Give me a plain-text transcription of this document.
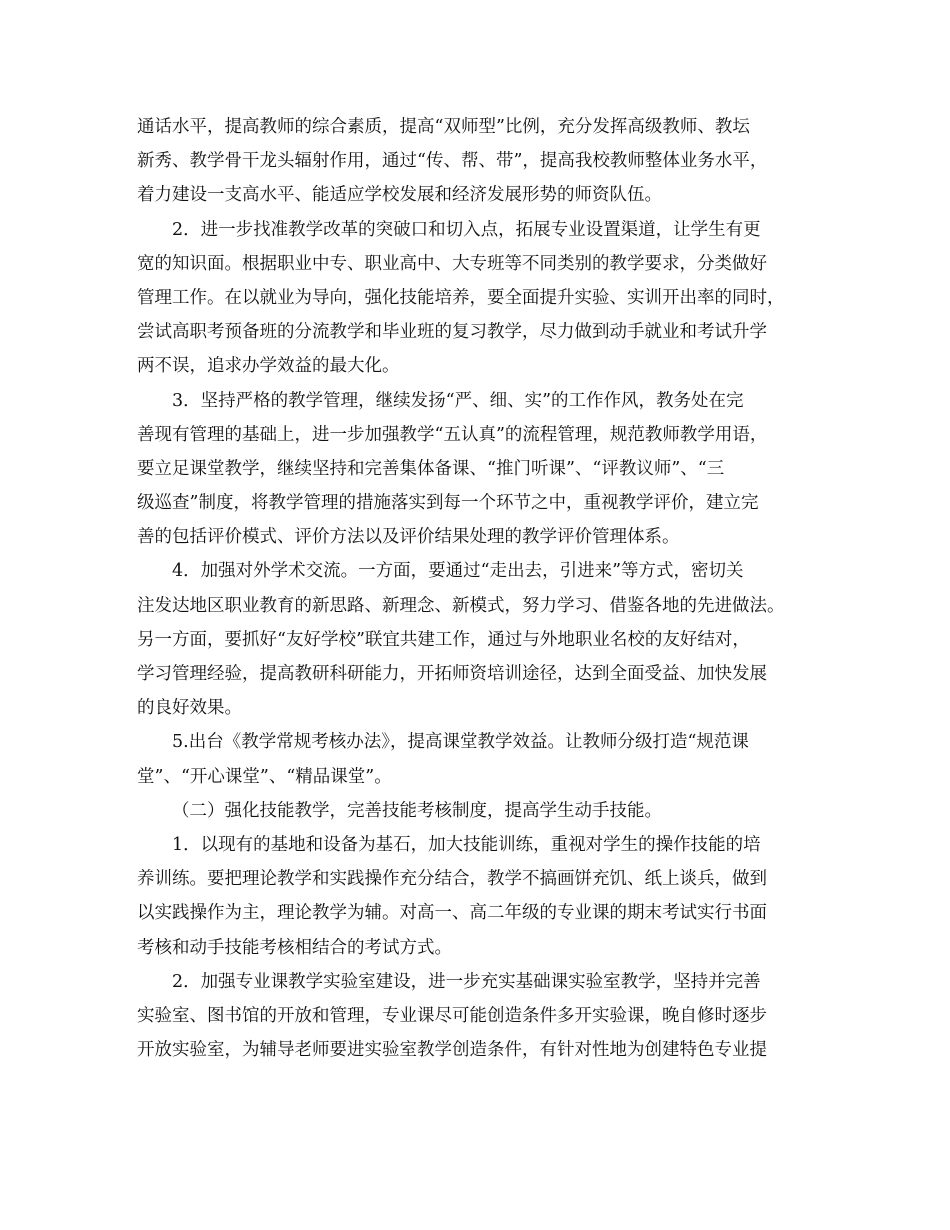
通话水平，提高教师的综合素质，提高“双师型”比例，充分发挥高级教师、教坛
新秀、教学骨干龙头辐射作用，通过“传、帮、带”，提高我校教师整体业务水平，
着力建设一支高水平、能适应学校发展和经济发展形势的师资队伍。
2．进一步找准教学改革的突破口和切入点，拓展专业设置渠道，让学生有更
宽的知识面。根据职业中专、职业高中、大专班等不同类别的教学要求，分类做好
管理工作。在以就业为导向，强化技能培养，要全面提升实验、实训开出率的同时，
尝试高职考预备班的分流教学和毕业班的复习教学，尽力做到动手就业和考试升学
两不误，追求办学效益的最大化。
3．坚持严格的教学管理，继续发扬“严、细、实”的工作作风，教务处在完
善现有管理的基础上，进一步加强教学“五认真”的流程管理，规范教师教学用语，
要立足课堂教学，继续坚持和完善集体备课、“推门听课”、“评教议师”、“三
级巡查”制度，将教学管理的措施落实到每一个环节之中，重视教学评价，建立完
善的包括评价模式、评价方法以及评价结果处理的教学评价管理体系。
4．加强对外学术交流。一方面，要通过“走出去，引进来”等方式，密切关
注发达地区职业教育的新思路、新理念、新模式，努力学习、借鉴各地的先进做法。
另一方面，要抓好“友好学校”联宜共建工作，通过与外地职业名校的友好结对，
学习管理经验，提高教研科研能力，开拓师资培训途径，达到全面受益、加快发展
的良好效果。
5.出台《教学常规考核办法》，提高课堂教学效益。让教师分级打造“规范课
堂”、“开心课堂”、“精品课堂”。
（二）强化技能教学，完善技能考核制度，提高学生动手技能。
1．以现有的基地和设备为基石，加大技能训练，重视对学生的操作技能的培
养训练。要把理论教学和实践操作充分结合，教学不搞画饼充饥、纸上谈兵，做到
以实践操作为主，理论教学为辅。对高一、高二年级的专业课的期末考试实行书面
考核和动手技能考核相结合的考试方式。
2．加强专业课教学实验室建设，进一步充实基础课实验室教学，坚持并完善
实验室、图书馆的开放和管理，专业课尽可能创造条件多开实验课，晚自修时逐步
开放实验室，为辅导老师要进实验室教学创造条件，有针对性地为创建特色专业提
